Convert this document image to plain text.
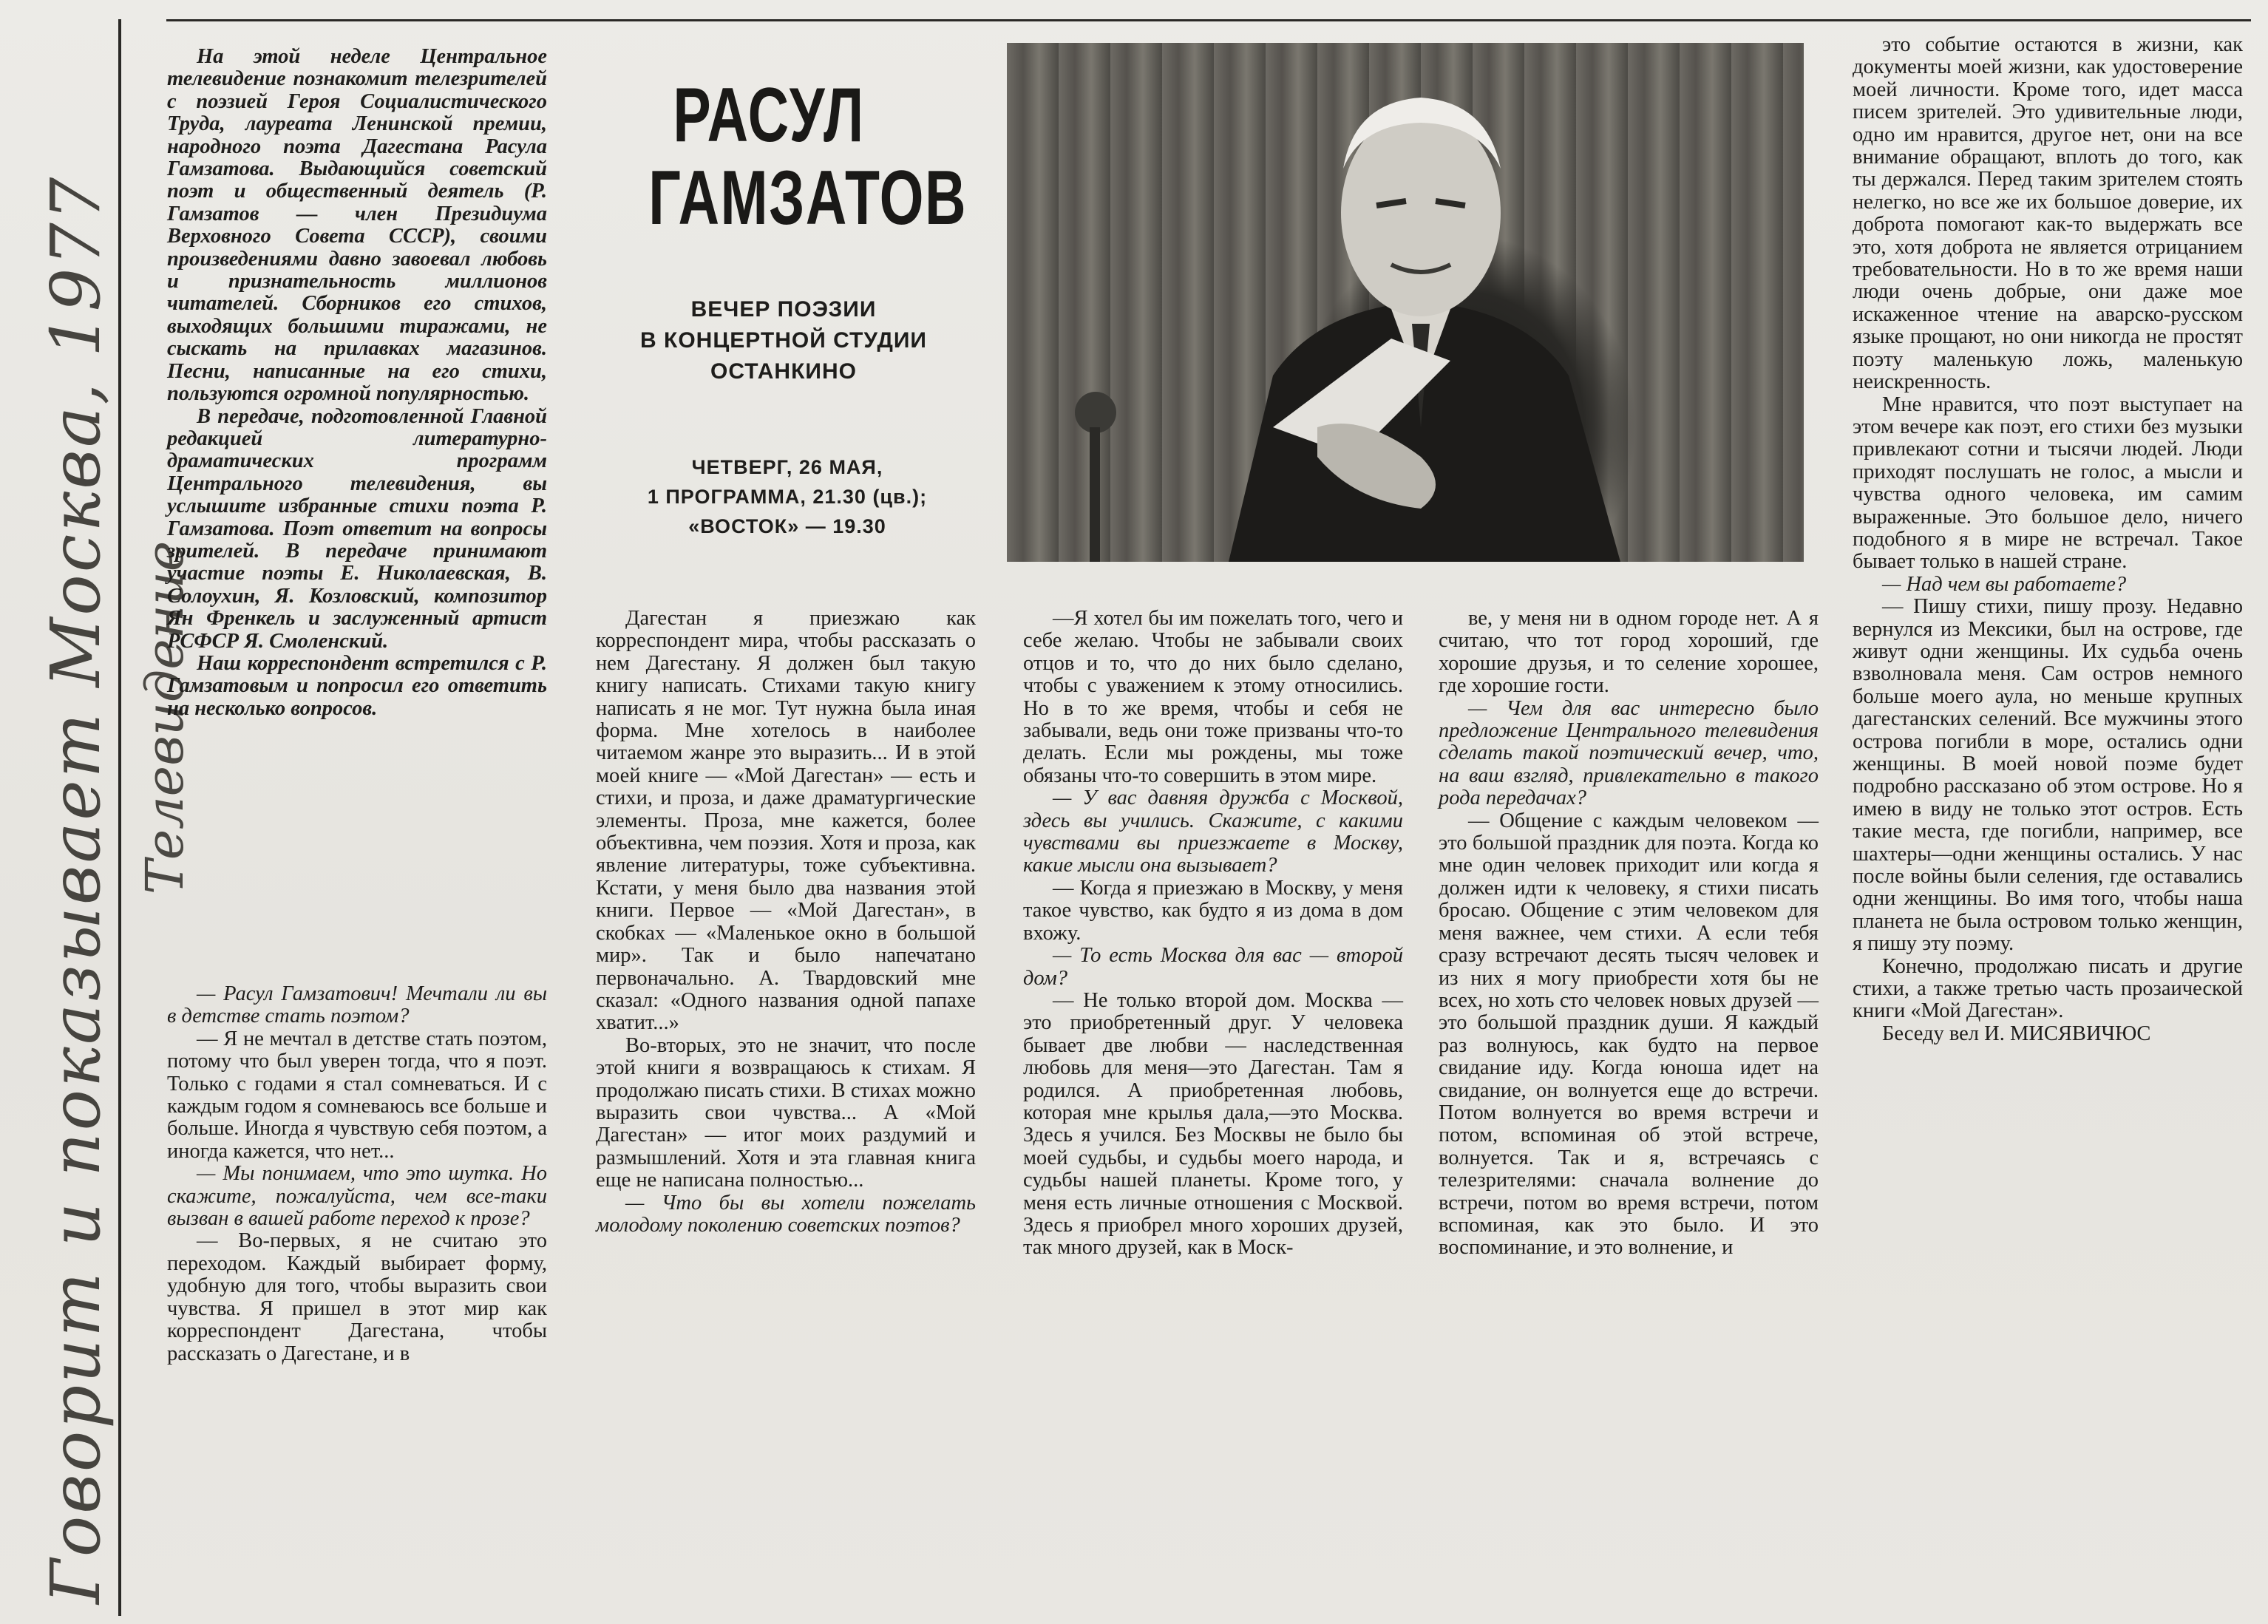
Говорит и показывает Москва, 1977 Телевидение

На этой неделе Центральное телевидение познакомит телезрителей с поэзией Героя Социалистического Труда, лауреата Ленинской премии, народного поэта Дагестана Расула Гамзатова. Выдающийся советский поэт и общественный деятель (Р. Гамзатов — член Президиума Верховного Совета СССР), своими произведениями давно завоевал любовь и признательность миллионов читателей. Сборников его стихов, выходящих большими тиражами, не сыскать на прилавках магазинов. Песни, написанные на его стихи, пользуются огромной популярностью.

В передаче, подготовленной Главной редакцией литературно-драматических программ Центрального телевидения, вы услышите избранные стихи поэта Р. Гамзатова. Поэт ответит на вопросы зрителей. В передаче принимают участие поэты Е. Николаевская, В. Солоухин, Я. Козловский, композитор Ян Френкель и заслуженный артист РСФСР Я. Смоленский.

Наш корреспондент встретился с Р. Гамзатовым и попросил его ответить на несколько вопросов.

— Расул Гамзатович! Мечтали ли вы в детстве стать поэтом?

— Я не мечтал в детстве стать поэтом, потому что был уверен тогда, что я поэт. Только с годами я стал сомневаться. И с каждым годом я сомневаюсь все больше и больше. Иногда я чувствую себя поэтом, а иногда кажется, что нет...

— Мы понимаем, что это шутка. Но скажите, пожалуйста, чем все-таки вызван в вашей работе переход к прозе?

— Во-первых, я не считаю это переходом. Каждый выбирает форму, удобную для того, чтобы выразить свои чувства. Я пришел в этот мир как корреспондент Дагестана, чтобы рассказать о Дагестане, и в

РАСУЛ
ГАМЗАТОВ
ВЕЧЕР ПОЭЗИИ
В КОНЦЕРТНОЙ СТУДИИ
ОСТАНКИНО
ЧЕТВЕРГ, 26 МАЯ,
1 ПРОГРАММА, 21.30 (цв.);
«ВОСТОК» — 19.30

Дагестан я приезжаю как корреспондент мира, чтобы рассказать о нем Дагестану. Я должен был такую книгу написать. Стихами такую книгу написать я не мог. Тут нужна была иная форма. Мне хотелось в наиболее читаемом жанре это выразить... И в этой моей книге — «Мой Дагестан» — есть и стихи, и проза, и даже драматургические элементы. Проза, мне кажется, более объективна, чем поэзия. Хотя и проза, как явление литературы, тоже субъективна. Кстати, у меня было два названия этой книги. Первое — «Мой Дагестан», в скобках — «Маленькое окно в большой мир». Так и было напечатано первоначально. А. Твардовский мне сказал: «Одного названия одной папахе хватит...»

Во-вторых, это не значит, что после этой книги я возвращаюсь к стихам. Я продолжаю писать стихи. В стихах можно выразить свои чувства... А «Мой Дагестан» — итог моих раздумий и размышлений. Хотя и эта главная книга еще не написана полностью...

— Что бы вы хотели пожелать молодому поколению советских поэтов?

—Я хотел бы им пожелать того, чего и себе желаю. Чтобы не забывали своих отцов и то, что до них было сделано, чтобы с уважением к этому относились. Но в то же время, чтобы и себя не забывали, ведь они тоже призваны что-то делать. Если мы рождены, мы тоже обязаны что-то совершить в этом мире.

— У вас давняя дружба с Москвой, здесь вы учились. Скажите, с какими чувствами вы приезжаете в Москву, какие мысли она вызывает?

— Когда я приезжаю в Москву, у меня такое чувство, как будто я из дома в дом вхожу.

— То есть Москва для вас — второй дом?

— Не только второй дом. Москва — это приобретенный друг. У человека бывает две любви — наследственная любовь для меня—это Дагестан. Там я родился. А приобретенная любовь, которая мне крылья дала,—это Москва. Здесь я учился. Без Москвы не было бы моей судьбы, и судьбы моего народа, и судьбы нашей планеты. Кроме того, у меня есть личные отношения с Москвой. Здесь я приобрел много хороших друзей, так много друзей, как в Моск-

ве, у меня ни в одном городе нет. А я считаю, что тот город хороший, где хорошие друзья, и то селение хорошее, где хорошие гости.

— Чем для вас интересно было предложение Центрального телевидения сделать такой поэтический вечер, что, на ваш взгляд, привлекательно в такого рода передачах?

— Общение с каждым человеком — это большой праздник для поэта. Когда ко мне один человек приходит или когда я должен идти к человеку, я стихи писать бросаю. Общение с этим человеком для меня важнее, чем стихи. А если тебя сразу встречают десять тысяч человек и из них я могу приобрести хотя бы не всех, но хоть сто человек новых друзей — это большой праздник души. Я каждый раз волнуюсь, как будто на первое свидание иду. Когда юноша идет на свидание, он волнуется еще до встречи. Потом волнуется во время встречи и потом, вспоминая об этой встрече, волнуется. Так и я, встречаясь с телезрителями: сначала волнение до встречи, потом во время встречи, потом вспоминая, как это было. И это воспоминание, и это волнение, и

это событие остаются в жизни, как документы моей жизни, как удостоверение моей личности. Кроме того, идет масса писем зрителей. Это удивительные люди, одно им нравится, другое нет, они на все внимание обращают, вплоть до того, как ты держался. Перед таким зрителем стоять нелегко, но все же их большое доверие, их доброта помогают как-то выдержать все это, хотя доброта не является отрицанием требовательности. Но в то же время наши люди очень добрые, они даже мое искаженное чтение на аварско-русском языке прощают, но они никогда не простят поэту маленькую ложь, маленькую неискренность.

Мне нравится, что поэт выступает на этом вечере как поэт, его стихи без музыки привлекают сотни и тысячи людей. Люди приходят послушать не голос, а мысли и чувства одного человека, им самим выраженные. Это большое дело, ничего подобного я в мире не встречал. Такое бывает только в нашей стране.

— Над чем вы работаете?

— Пишу стихи, пишу прозу. Недавно вернулся из Мексики, был на острове, где живут одни женщины. Их судьба очень взволновала меня. Сам остров немного больше моего аула, но меньше крупных дагестанских селений. Все мужчины этого острова погибли в море, остались одни женщины. В моей новой поэме будет подробно рассказано об этом острове. Но я имею в виду не только этот остров. Есть такие места, где погибли, например, все шахтеры—одни женщины остались. У нас после войны были селения, где оставались одни женщины. Во имя того, чтобы наша планета не была островом только женщин, я пишу эту поэму.

Конечно, продолжаю писать и другие стихи, а также третью часть прозаической книги «Мой Дагестан».

Беседу вел И. МИСЯВИЧЮС
